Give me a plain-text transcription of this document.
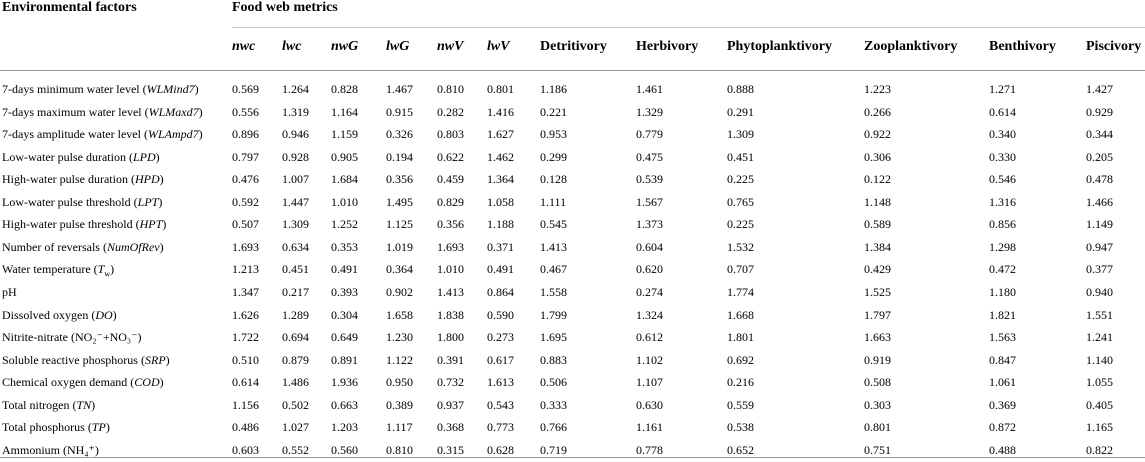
Environmental factors	Food web metrics
nwc lwc nwG lwG nwV lwV Detritivory Herbivory Phytoplanktivory Zooplanktivory Benthivory Piscivory
7-days minimum water level (WLMind7)	0.569 1.264 0.828 1.467 0.810 0.801 1.186	1.461	0.888	1.223	1.271	1.427
7-days maximum water level (WLMaxd7) 0.556 1.319 1.164 0.915 0.282 1.416 0.221	1.329	0.291	0.266	0.614	0.929
7-days amplitude water level (WLAmpd7) 0.896 0.946 1.159 0.326 0.803 1.627 0.953	0.779	1.309	0.922	0.340	0.344
Low-water pulse duration (LPD)	0.797 0.928 0.905 0.194 0.622 1.462 0.299	0.475	0.451	0.306	0.330	0.205
High-water pulse duration (HPD)	0.476 1.007 1.684 0.356 0.459 1.364 0.128	0.539	0.225	0.122	0.546	0.478
Low-water pulse threshold (LPT)	0.592 1.447 1.010 1.495 0.829 1.058 1.111	1.567	0.765	1.148	1.316	1.466
High-water pulse threshold (HPT)	0.507 1.309 1.252 1.125 0.356 1.188 0.545	1.373	0.225	0.589	0.856	1.149
Number of reversals (NumOfRev)	1.693 0.634 0.353 1.019 1.693 0.371 1.413	0.604	1.532	1.384	1.298	0.947
Water temperature $(T_w)$	1.213 0.451 0.491 0.364 1.010 0.491 0.467	0.620	0.707	0.429	0.472	0.377
pH	1.347 0.217 0.393 0.902 1.413 0.864 1.558	0.274	1.774	1.525	1.180	0.940
Dissolved oxygen (DO)	1.626 1.289 0.304 1.658 1.838 0.590 1.799	1.324	1.668	1.797	1.821	1.551
Nitrite-nitrate (NO₂⁻+NO₃⁻)	1.722 0.694 0.649 1.230 1.800 0.273 1.695	0.612	1.801	1.663	1.563	1.241
Soluble reactive phosphorus (SRP)	0.510 0.879 0.891 1.122 0.391 0.617 0.883	1.102	0.692	0.919	0.847	1.140
Chemical oxygen demand (COD)	0.614 1.486 1.936 0.950 0.732 1.613 0.506	1.107	0.216	0.508	1.061	1.055
Total nitrogen (TN)	1.156 0.502 0.663 0.389 0.937 0.543 0.333	0.630	0.559	0.303	0.369	0.405
Total phosphorus (TP)	0.486 1.027 1.203 1.117 0.368 0.773 0.766	1.161	0.538	0.801	0.872	1.165
Ammonium (NH₄⁺)	0.603 0.552 0.560 0.810 0.315 0.628 0.719	0.778	0.652	0.751	0.488	0.822
